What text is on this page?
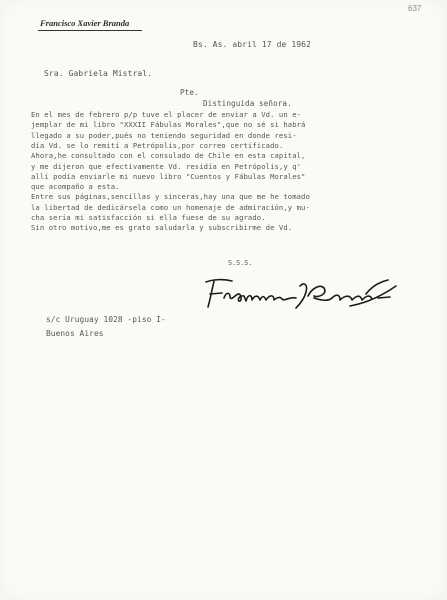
Francisco Xavier Branda
637
Bs. As. abril 17 de 1962
Sra. Gabriela Mistral.
Pte.
Distinguida señora.
En el mes de febrero p/p tuve el placer de enviar a Vd. un e-
jemplar de mi libro "XXXII Fábulas Morales",que no sé si habrá
llegado a su poder,pués no teniendo seguridad en donde resi-
día Vd. se lo remití a Petrópolis,por correo certificado.
Ahora,he consultado con el consulado de Chile en esta capital,
y me dijeron que efectivamente Vd. residía en Petrópolis,y q'
allí podía enviarle mi nuevo libro "Cuentos y Fábulas Morales"
que acompaño a esta.
Entre sus páginas,sencillas y sinceras,hay una que me he tomado
la libertad de dedicársela como un homenaje de admiración,y mu-
cha sería mi satisfacción si ella fuese de su agrado.
Sin otro motivo,me es grato saludarla y subscribirme de Vd.
S.S.S.
s/c Uruguay 1028 -piso I-
Buenos Aires
